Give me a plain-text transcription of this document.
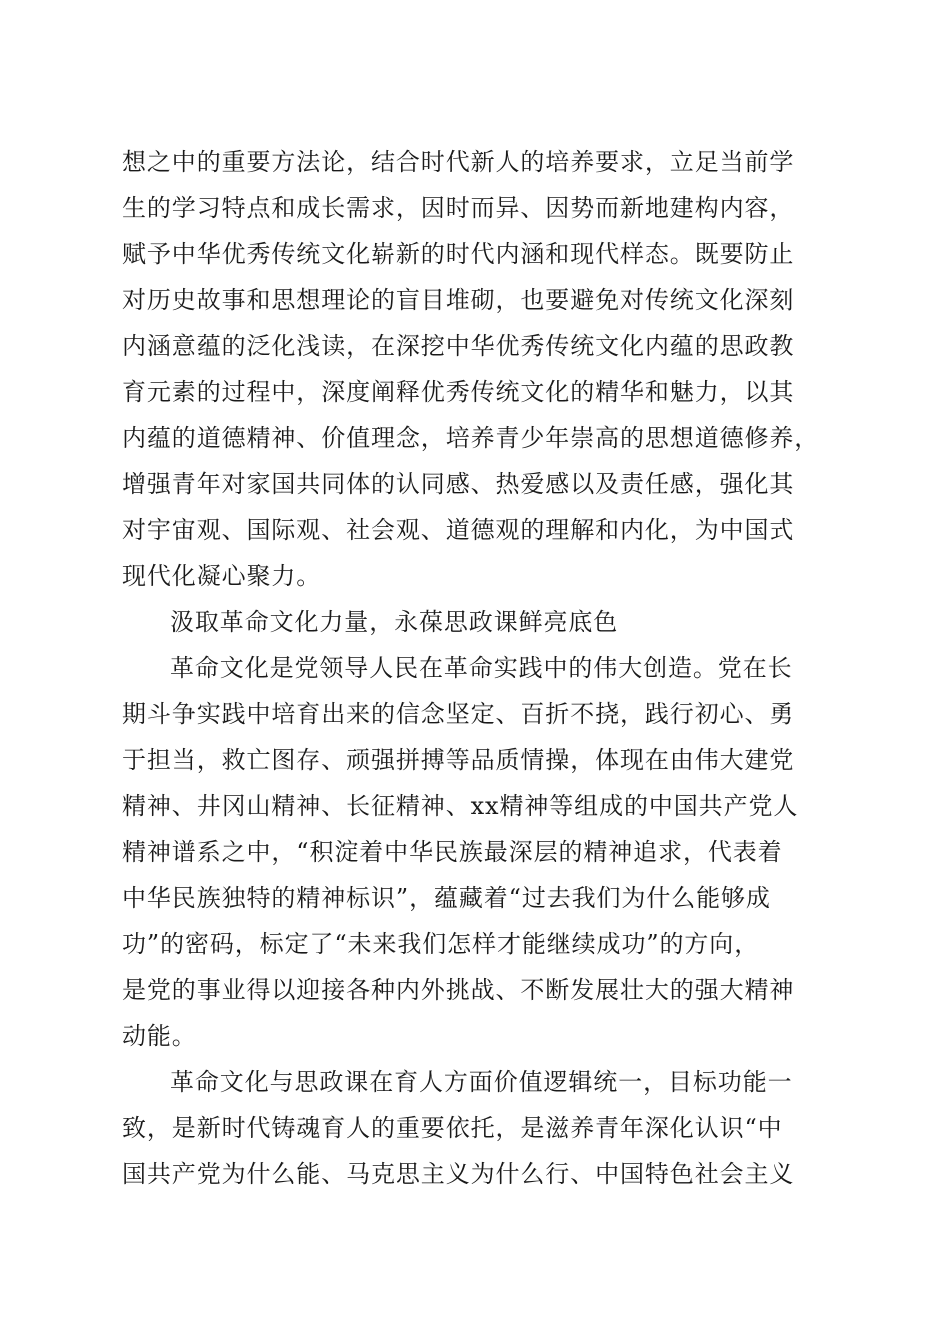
想之中的重要方法论，结合时代新人的培养要求，立足当前学
生的学习特点和成长需求，因时而异、因势而新地建构内容，
赋予中华优秀传统文化崭新的时代内涵和现代样态。既要防止
对历史故事和思想理论的盲目堆砌，也要避免对传统文化深刻
内涵意蕴的泛化浅读，在深挖中华优秀传统文化内蕴的思政教
育元素的过程中，深度阐释优秀传统文化的精华和魅力，以其
内蕴的道德精神、价值理念，培养青少年崇高的思想道德修养，
增强青年对家国共同体的认同感、热爱感以及责任感，强化其
对宇宙观、国际观、社会观、道德观的理解和内化，为中国式
现代化凝心聚力。
汲取革命文化力量，永葆思政课鲜亮底色
革命文化是党领导人民在革命实践中的伟大创造。党在长
期斗争实践中培育出来的信念坚定、百折不挠，践行初心、勇
于担当，救亡图存、顽强拼搏等品质情操，体现在由伟大建党
精神、井冈山精神、长征精神、xx精神等组成的中国共产党人
精神谱系之中，“积淀着中华民族最深层的精神追求，代表着
中华民族独特的精神标识”，蕴藏着“过去我们为什么能够成
功”的密码，标定了“未来我们怎样才能继续成功”的方向，
是党的事业得以迎接各种内外挑战、不断发展壮大的强大精神
动能。
革命文化与思政课在育人方面价值逻辑统一，目标功能一
致，是新时代铸魂育人的重要依托，是滋养青年深化认识“中
国共产党为什么能、马克思主义为什么行、中国特色社会主义
